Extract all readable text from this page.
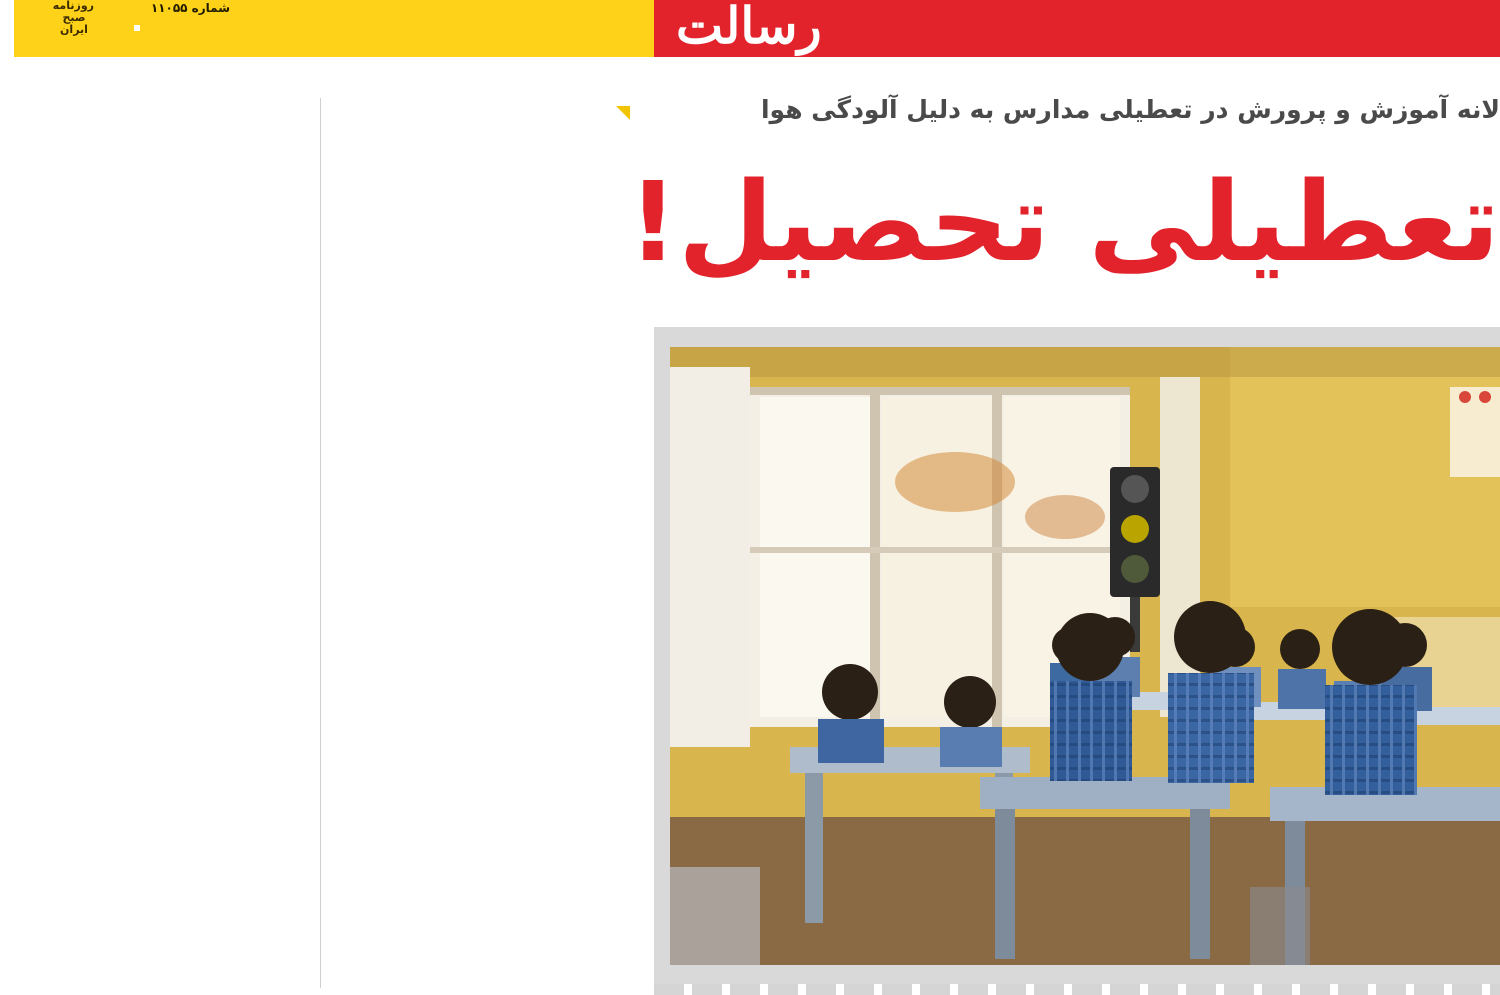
روزنامه
صبح
ایران
شماره ۱۱۰۵۵	رسالت
لانه آموزش و پرورش در تعطیلی مدارس به دلیل آلودگی هوا
تعطیلی تحصیل!
